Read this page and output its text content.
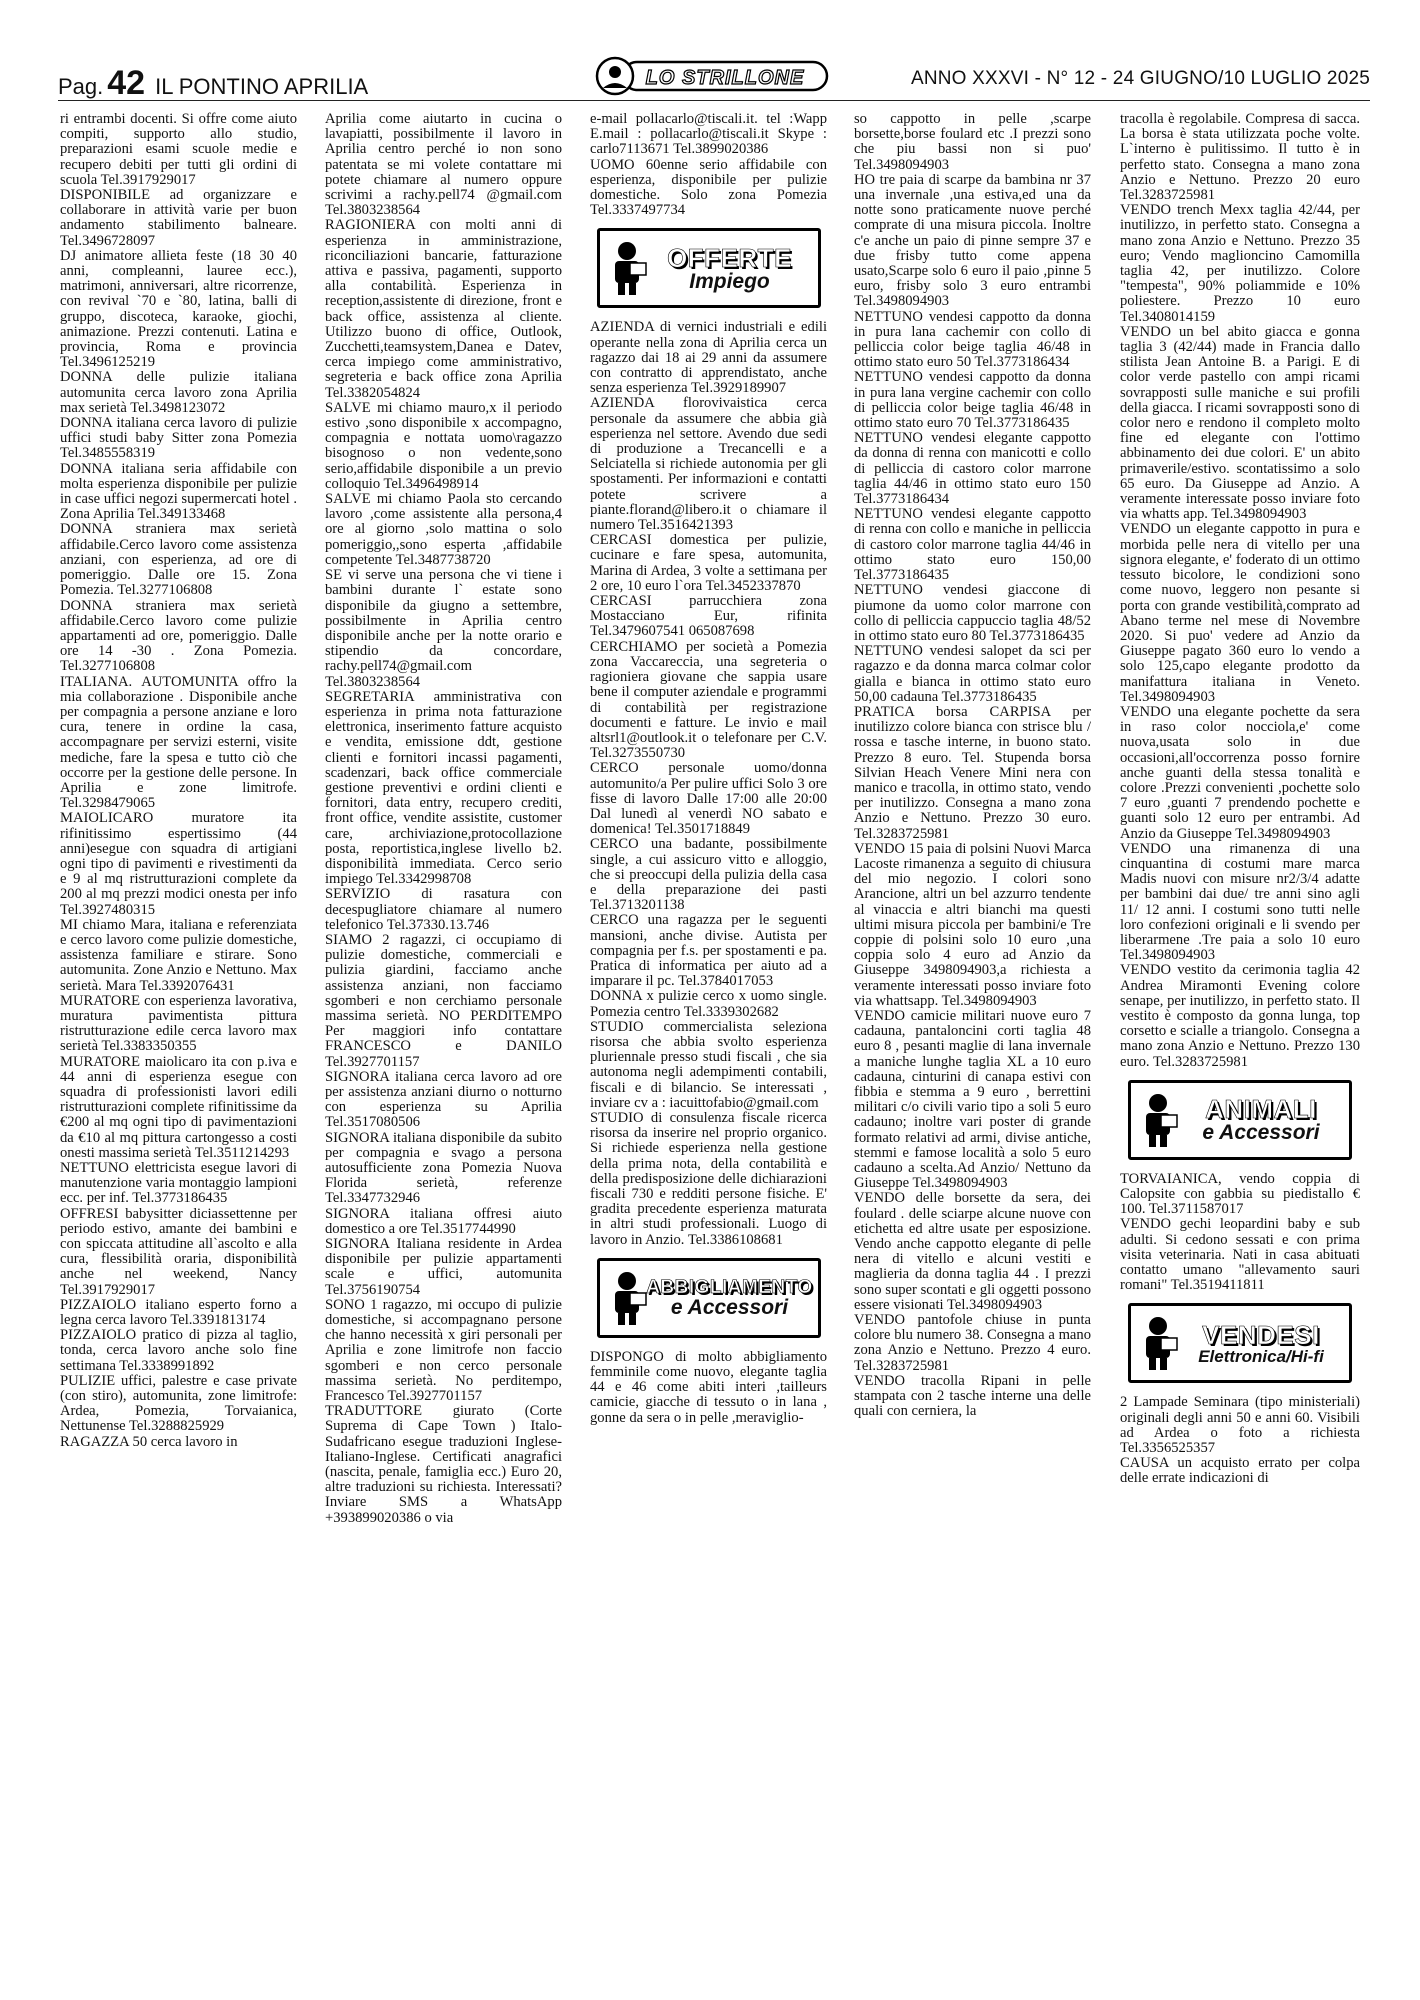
Pag. 42 IL PONTINO APRILIA	LO STRILLONE	ANNO XXXVI - N° 12 - 24 GIUGNO/10 LUGLIO 2025

ri entrambi docenti. Si offre come aiuto compiti, supporto allo studio, preparazioni esami scuole medie e recupero debiti per tutti gli ordini di scuola Tel.3917929017

DISPONIBILE ad organizzare e collaborare in attività varie per buon andamento stabilimento balneare. Tel.3496728097

DJ animatore allieta feste (18 30 40 anni, compleanni, lauree ecc.), matrimoni, anniversari, altre ricorrenze, con revival `70 e `80, latina, balli di gruppo, discoteca, karaoke, giochi, animazione. Prezzi contenuti. Latina e provincia, Roma e provincia Tel.3496125219

DONNA delle pulizie italiana automunita cerca lavoro zona Aprilia max serietà Tel.3498123072

DONNA italiana cerca lavoro di pulizie uffici studi baby Sitter zona Pomezia Tel.3485558319

DONNA italiana seria affidabile con molta esperienza disponibile per pulizie in case uffici negozi supermercati hotel . Zona Aprilia Tel.349133468

DONNA straniera max serietà affidabile.Cerco lavoro come assistenza anziani, con esperienza, ad ore di pomeriggio. Dalle ore 15. Zona Pomezia. Tel.3277106808

DONNA straniera max serietà affidabile.Cerco lavoro come pulizie appartamenti ad ore, pomeriggio. Dalle ore 14 -30 . Zona Pomezia. Tel.3277106808

ITALIANA. AUTOMUNITA offro la mia collaborazione . Disponibile anche per compagnia a persone anziane e loro cura, tenere in ordine la casa, accompagnare per servizi esterni, visite mediche, fare la spesa e tutto ciò che occorre per la gestione delle persone. In Aprilia e zone limitrofe. Tel.3298479065

MAIOLICARO muratore ita rifinitissimo espertissimo (44 anni)esegue con squadra di artigiani ogni tipo di pavimenti e rivestimenti da e 9 al mq ristrutturazioni complete da 200 al mq prezzi modici onesta per info Tel.3927480315

MI chiamo Mara, italiana e referenziata e cerco lavoro come pulizie domestiche, assistenza familiare e stirare. Sono automunita. Zone Anzio e Nettuno. Max serietà. Mara Tel.3392076431

MURATORE con esperienza lavorativa, muratura pavimentista pittura ristrutturazione edile cerca lavoro max serietà Tel.3383350355

MURATORE maiolicaro ita con p.iva e 44 anni di esperienza esegue con squadra di professionisti lavori edili ristrutturazioni complete rifinitissime da €200 al mq ogni tipo di pavimentazioni da €10 al mq pittura cartongesso a costi onesti massima serietà Tel.3511214293

NETTUNO elettricista esegue lavori di manutenzione varia montaggio lampioni ecc. per inf. Tel.3773186435

OFFRESI babysitter diciassettenne per periodo estivo, amante dei bambini e con spiccata attitudine all`ascolto e alla cura, flessibilità oraria, disponibilità anche nel weekend, Nancy Tel.3917929017

PIZZAIOLO italiano esperto forno a legna cerca lavoro Tel.3391813174

PIZZAIOLO pratico di pizza al taglio, tonda, cerca lavoro anche solo fine settimana Tel.3338991892

PULIZIE uffici, palestre e case private (con stiro), automunita, zone limitrofe: Ardea, Pomezia, Torvaianica, Nettunense Tel.3288825929

RAGAZZA 50 cerca lavoro in

Aprilia come aiutarto in cucina o lavapiatti, possibilmente il lavoro in Aprilia centro perché io non sono patentata se mi volete contattare mi potete chiamare al numero oppure scrivimi a rachy.pell74 @gmail.com Tel.3803238564

RAGIONIERA con molti anni di esperienza in amministrazione, riconciliazioni bancarie, fatturazione attiva e passiva, pagamenti, supporto alla contabilità. Esperienza in reception,assistente di direzione, front e back office, assistenza al cliente. Utilizzo buono di office, Outlook, Zucchetti,teamsystem,Danea e Datev, cerca impiego come amministrativo, segreteria e back office zona Aprilia Tel.3382054824

SALVE mi chiamo mauro,x il periodo estivo ,sono disponibile x accompagno, compagnia e nottata uomo\ragazzo bisognoso o non vedente,sono serio,affidabile disponibile a un previo colloquio Tel.3496498914

SALVE mi chiamo Paola sto cercando lavoro ,come assistente alla persona,4 ore al giorno ,solo mattina o solo pomeriggio,,sono esperta ,affidabile competente Tel.3487738720

SE vi serve una persona che vi tiene i bambini durante l` estate sono disponibile da giugno a settembre, possibilmente in Aprilia centro disponibile anche per la notte orario e stipendio da concordare, rachy.pell74@gmail.com Tel.3803238564

SEGRETARIA amministrativa con esperienza in prima nota fatturazione elettronica, inserimento fatture acquisto e vendita, emissione ddt, gestione clienti e fornitori incassi pagamenti, scadenzari, back office commerciale gestione preventivi e ordini clienti e fornitori, data entry, recupero crediti, front office, vendite assistite, customer care, archiviazione,protocollazione posta, reportistica,inglese livello b2. disponibilità immediata. Cerco serio impiego Tel.3342998708

SERVIZIO di rasatura con decespugliatore chiamare al numero telefonico Tel.37330.13.746

SIAMO 2 ragazzi, ci occupiamo di pulizie domestiche, commerciali e pulizia giardini, facciamo anche assistenza anziani, non facciamo sgomberi e non cerchiamo personale massima serietà. NO PERDITEMPO Per maggiori info contattare FRANCESCO e DANILO Tel.3927701157

SIGNORA italiana cerca lavoro ad ore per assistenza anziani diurno o notturno con esperienza su Aprilia Tel.3517080506

SIGNORA italiana disponibile da subito per compagnia e svago a persona autosufficiente zona Pomezia Nuova Florida serietà, referenze Tel.3347732946

SIGNORA italiana offresi aiuto domestico a ore Tel.3517744990

SIGNORA Italiana residente in Ardea disponibile per pulizie appartamenti scale e uffici, automunita Tel.3756190754

SONO 1 ragazzo, mi occupo di pulizie domestiche, si accompagnano persone che hanno necessità x giri personali per Aprilia e zone limitrofe non faccio sgomberi e non cerco personale massima serietà. No perditempo, Francesco Tel.3927701157

TRADUTTORE giurato (Corte Suprema di Cape Town ) Italo-Sudafricano esegue traduzioni Inglese-Italiano-Inglese. Certificati anagrafici (nascita, penale, famiglia ecc.) Euro 20, altre traduzioni su richiesta. Interessati? Inviare SMS a WhatsApp +393899020386 o via

e-mail pollacarlo@tiscali.it. tel :Wapp E.mail : pollacarlo@tiscali.it Skype : carlo7113671 Tel.3899020386

UOMO 60enne serio affidabile con esperienza, disponibile per pulizie domestiche. Solo zona Pomezia Tel.3337497734

OFFERTE
Impiego

AZIENDA di vernici industriali e edili operante nella zona di Aprilia cerca un ragazzo dai 18 ai 29 anni da assumere con contratto di apprendistato, anche senza esperienza Tel.3929189907

AZIENDA florovivaistica cerca personale da assumere che abbia già esperienza nel settore. Avendo due sedi di produzione a Trecancelli e a Selciatella si richiede autonomia per gli spostamenti. Per informazioni e contatti potete scrivere a piante.florand@libero.it o chiamare il numero Tel.3516421393

CERCASI domestica per pulizie, cucinare e fare spesa, automunita, Marina di Ardea, 3 volte a settimana per 2 ore, 10 euro l`ora Tel.3452337870

CERCASI parrucchiera zona Mostacciano Eur, rifinita Tel.3479607541 065087698

CERCHIAMO per società a Pomezia zona Vaccareccia, una segreteria o ragioniera giovane che sappia usare bene il computer aziendale e programmi di contabilità per registrazione documenti e fatture. Le invio e mail altsrl1@outlook.it o telefonare per C.V. Tel.3273550730

CERCO personale uomo/donna automunito/a Per pulire uffici Solo 3 ore fisse di lavoro Dalle 17:00 alle 20:00 Dal lunedì al venerdì NO sabato e domenica! Tel.3501718849

CERCO una badante, possibilmente single, a cui assicuro vitto e alloggio, che si preoccupi della pulizia della casa e della preparazione dei pasti Tel.3713201138

CERCO una ragazza per le seguenti mansioni, anche divise. Autista per compagnia per f.s. per spostamenti e pa. Pratica di informatica per aiuto ad a imparare il pc. Tel.3784017053

DONNA x pulizie cerco x uomo single. Pomezia centro Tel.3339302682

STUDIO commercialista seleziona risorsa che abbia svolto esperienza pluriennale presso studi fiscali , che sia autonoma negli adempimenti contabili, fiscali e di bilancio. Se interessati , inviare cv a : iacuittofabio@gmail.com

STUDIO di consulenza fiscale ricerca risorsa da inserire nel proprio organico. Si richiede esperienza nella gestione della prima nota, della contabilità e della predisposizione delle dichiarazioni fiscali 730 e redditi persone fisiche. E' gradita precedente esperienza maturata in altri studi professionali. Luogo di lavoro in Anzio. Tel.3386108681

ABBIGLIAMENTO
e Accessori

DISPONGO di molto abbigliamento femminile come nuovo, elegante taglia 44 e 46 come abiti interi ,tailleurs camicie, giacche di tessuto o in lana , gonne da sera o in pelle ,meraviglio-

so cappotto in pelle ,scarpe borsette,borse foulard etc .I prezzi sono che piu bassi non si puo' Tel.3498094903

HO tre paia di scarpe da bambina nr 37 una invernale ,una estiva,ed una da notte sono praticamente nuove perché comprate di una misura piccola. Inoltre c'e anche un paio di pinne sempre 37 e due frisby tutto come appena usato,Scarpe solo 6 euro il paio ,pinne 5 euro, frisby solo 3 euro entrambi Tel.3498094903

NETTUNO vendesi cappotto da donna in pura lana cachemir con collo di pelliccia color beige taglia 46/48 in ottimo stato euro 50 Tel.3773186434

NETTUNO vendesi cappotto da donna in pura lana vergine cachemir con collo di pelliccia color beige taglia 46/48 in ottimo stato euro 70 Tel.3773186435

NETTUNO vendesi elegante cappotto da donna di renna con manicotti e collo di pelliccia di castoro color marrone taglia 44/46 in ottimo stato euro 150 Tel.3773186434

NETTUNO vendesi elegante cappotto di renna con collo e maniche in pelliccia di castoro color marrone taglia 44/46 in ottimo stato euro 150,00 Tel.3773186435

NETTUNO vendesi giaccone di piumone da uomo color marrone con collo di pelliccia cappuccio taglia 48/52 in ottimo stato euro 80 Tel.3773186435

NETTUNO vendesi salopet da sci per ragazzo e da donna marca colmar color gialla e bianca in ottimo stato euro 50,00 cadauna Tel.3773186435

PRATICA borsa CARPISA per inutilizzo colore bianca con strisce blu / rossa e tasche interne, in buono stato. Prezzo 8 euro. Tel. Stupenda borsa Silvian Heach Venere Mini nera con manico e tracolla, in ottimo stato, vendo per inutilizzo. Consegna a mano zona Anzio e Nettuno. Prezzo 30 euro. Tel.3283725981

VENDO 15 paia di polsini Nuovi Marca Lacoste rimanenza a seguito di chiusura del mio negozio. I colori sono Arancione, altri un bel azzurro tendente al vinaccia e altri bianchi ma questi ultimi misura piccola per bambini/e Tre coppie di polsini solo 10 euro ,una coppia solo 4 euro ad Anzio da Giuseppe 3498094903,a richiesta a veramente interessati posso inviare foto via whattsapp. Tel.3498094903

VENDO camicie militari nuove euro 7 cadauna, pantaloncini corti taglia 48 euro 8 , pesanti maglie di lana invernale a maniche lunghe taglia XL a 10 euro cadauna, cinturini di canapa estivi con fibbia e stemma a 9 euro , berrettini militari c/o civili vario tipo a soli 5 euro cadauno; inoltre vari poster di grande formato relativi ad armi, divise antiche, stemmi e famose località a solo 5 euro cadauno a scelta.Ad Anzio/ Nettuno da Giuseppe Tel.3498094903

VENDO delle borsette da sera, dei foulard . delle sciarpe alcune nuove con etichetta ed altre usate per esposizione. Vendo anche cappotto elegante di pelle nera di vitello e alcuni vestiti e maglieria da donna taglia 44 . I prezzi sono super scontati e gli oggetti possono essere visionati Tel.3498094903

VENDO pantofole chiuse in punta colore blu numero 38. Consegna a mano zona Anzio e Nettuno. Prezzo 4 euro. Tel.3283725981

VENDO tracolla Ripani in pelle stampata con 2 tasche interne una delle quali con cerniera, la

tracolla è regolabile. Compresa di sacca. La borsa è stata utilizzata poche volte. L`interno è pulitissimo. Il tutto è in perfetto stato. Consegna a mano zona Anzio e Nettuno. Prezzo 20 euro Tel.3283725981

VENDO trench Mexx taglia 42/44, per inutilizzo, in perfetto stato. Consegna a mano zona Anzio e Nettuno. Prezzo 35 euro; Vendo maglioncino Camomilla taglia 42, per inutilizzo. Colore "tempesta", 90% poliammide e 10% poliestere. Prezzo 10 euro Tel.3408014159

VENDO un bel abito giacca e gonna taglia 3 (42/44) made in Francia dallo stilista Jean Antoine B. a Parigi. E di color verde pastello con ampi ricami sovrapposti sulle maniche e sui profili della giacca. I ricami sovrapposti sono di color nero e rendono il completo molto fine ed elegante con l'ottimo abbinamento dei due colori. E' un abito primaverile/estivo. scontatissimo a solo 65 euro. Da Giuseppe ad Anzio. A veramente interessate posso inviare foto via whatts app. Tel.3498094903

VENDO un elegante cappotto in pura e morbida pelle nera di vitello per una signora elegante, e' foderato di un ottimo tessuto bicolore, le condizioni sono come nuovo, leggero non pesante si porta con grande vestibilità,comprato ad Abano terme nel mese di Novembre 2020. Si puo' vedere ad Anzio da Giuseppe pagato 360 euro lo vendo a solo 125,capo elegante prodotto da manifattura italiana in Veneto. Tel.3498094903

VENDO una elegante pochette da sera in raso color nocciola,e' come nuova,usata solo in due occasioni,all'occorrenza posso fornire anche guanti della stessa tonalità e colore .Prezzi convenienti ,pochette solo 7 euro ,guanti 7 prendendo pochette e guanti solo 12 euro per entrambi. Ad Anzio da Giuseppe Tel.3498094903

VENDO una rimanenza di una cinquantina di costumi mare marca Madis nuovi con misure nr2/3/4 adatte per bambini dai due/ tre anni sino agli 11/ 12 anni. I costumi sono tutti nelle loro confezioni originali e li svendo per liberarmene .Tre paia a solo 10 euro Tel.3498094903

VENDO vestito da cerimonia taglia 42 Andrea Miramonti Evening colore senape, per inutilizzo, in perfetto stato. Il vestito è composto da gonna lunga, top corsetto e scialle a triangolo. Consegna a mano zona Anzio e Nettuno. Prezzo 130 euro. Tel.3283725981

ANIMALI
e Accessori

TORVAIANICA, vendo coppia di Calopsite con gabbia su piedistallo € 100. Tel.3711587017

VENDO gechi leopardini baby e sub adulti. Si cedono sessati e con prima visita veterinaria. Nati in casa abituati contatto umano "allevamento sauri romani" Tel.3519411811

VENDESI
Elettronica/Hi-fi

2 Lampade Seminara (tipo ministeriali) originali degli anni 50 e anni 60. Visibili ad Ardea o foto a richiesta Tel.3356525357

CAUSA un acquisto errato per colpa delle errate indicazioni di
